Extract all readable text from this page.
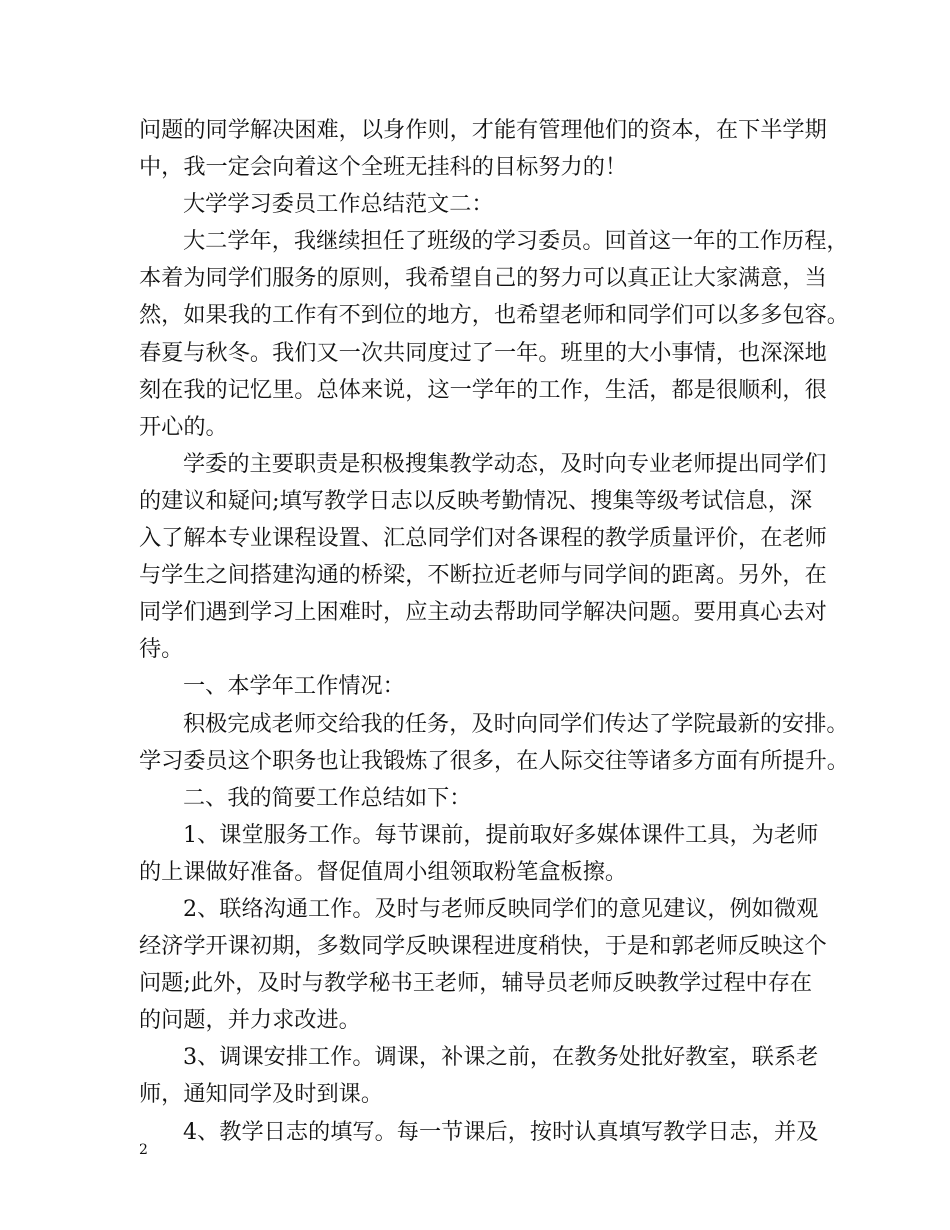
问题的同学解决困难，以身作则，才能有管理他们的资本，在下半学期
中，我一定会向着这个全班无挂科的目标努力的！
大学学习委员工作总结范文二：
大二学年，我继续担任了班级的学习委员。回首这一年的工作历程，
本着为同学们服务的原则，我希望自己的努力可以真正让大家满意，当
然，如果我的工作有不到位的地方，也希望老师和同学们可以多多包容。
春夏与秋冬。我们又一次共同度过了一年。班里的大小事情，也深深地
刻在我的记忆里。总体来说，这一学年的工作，生活，都是很顺利，很
开心的。
学委的主要职责是积极搜集教学动态，及时向专业老师提出同学们
的建议和疑问;填写教学日志以反映考勤情况、搜集等级考试信息，深
入了解本专业课程设置、汇总同学们对各课程的教学质量评价，在老师
与学生之间搭建沟通的桥梁，不断拉近老师与同学间的距离。另外，在
同学们遇到学习上困难时，应主动去帮助同学解决问题。要用真心去对
待。
一、本学年工作情况：
积极完成老师交给我的任务，及时向同学们传达了学院最新的安排。
学习委员这个职务也让我锻炼了很多，在人际交往等诸多方面有所提升。
二、我的简要工作总结如下：
1、课堂服务工作。每节课前，提前取好多媒体课件工具，为老师
的上课做好准备。督促值周小组领取粉笔盒板擦。
2、联络沟通工作。及时与老师反映同学们的意见建议，例如微观
经济学开课初期，多数同学反映课程进度稍快，于是和郭老师反映这个
问题;此外，及时与教学秘书王老师，辅导员老师反映教学过程中存在
的问题，并力求改进。
3、调课安排工作。调课，补课之前，在教务处批好教室，联系老
师，通知同学及时到课。
4、教学日志的填写。每一节课后，按时认真填写教学日志，并及
2
